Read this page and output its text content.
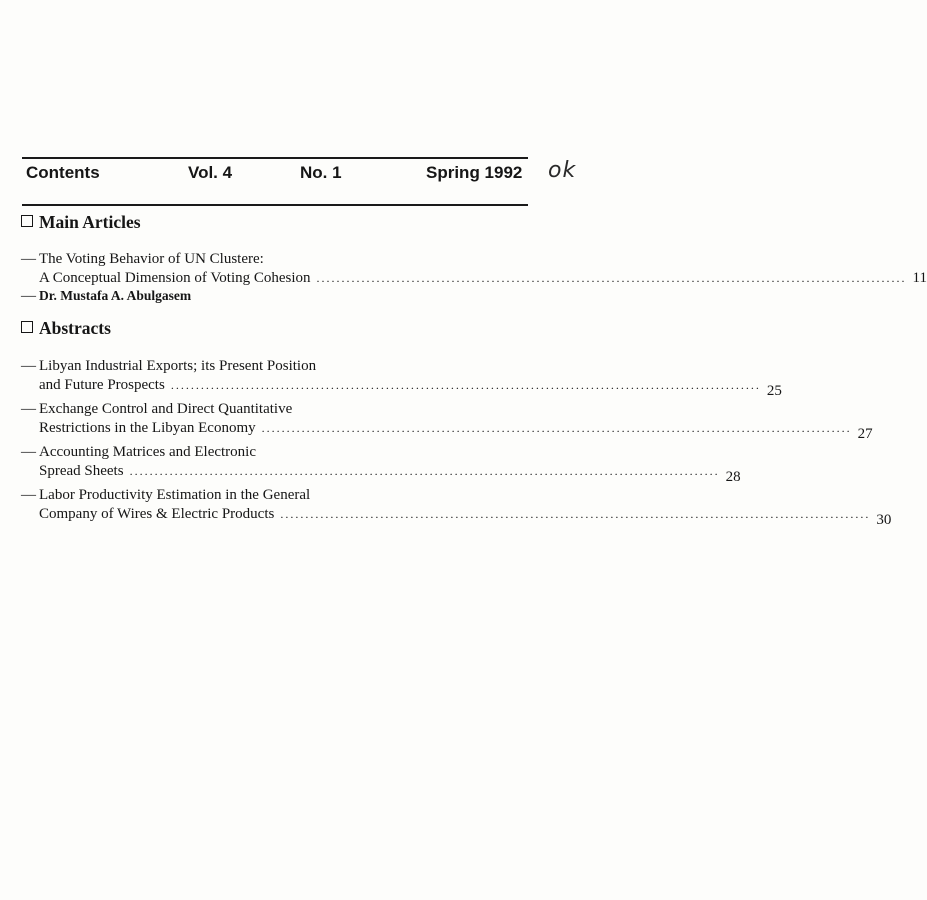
Contents	Vol. 4	No. 1	Spring 1992 ok
Main Articles
— The Voting Behavior of UN Clustere:
A Conceptual Dimension of Voting Cohesion ...................................................................................................................... 11
— Dr. Mustafa A. Abulgasem
Abstracts
— Libyan Industrial Exports; its Present Position
and Future Prospects ...................................................................................................................... 25
— Exchange Control and Direct Quantitative
Restrictions in the Libyan Economy ...................................................................................................................... 27
— Accounting Matrices and Electronic
Spread Sheets ...................................................................................................................... 28
— Labor Productivity Estimation in the General
Company of Wires & Electric Products ...................................................................................................................... 30
